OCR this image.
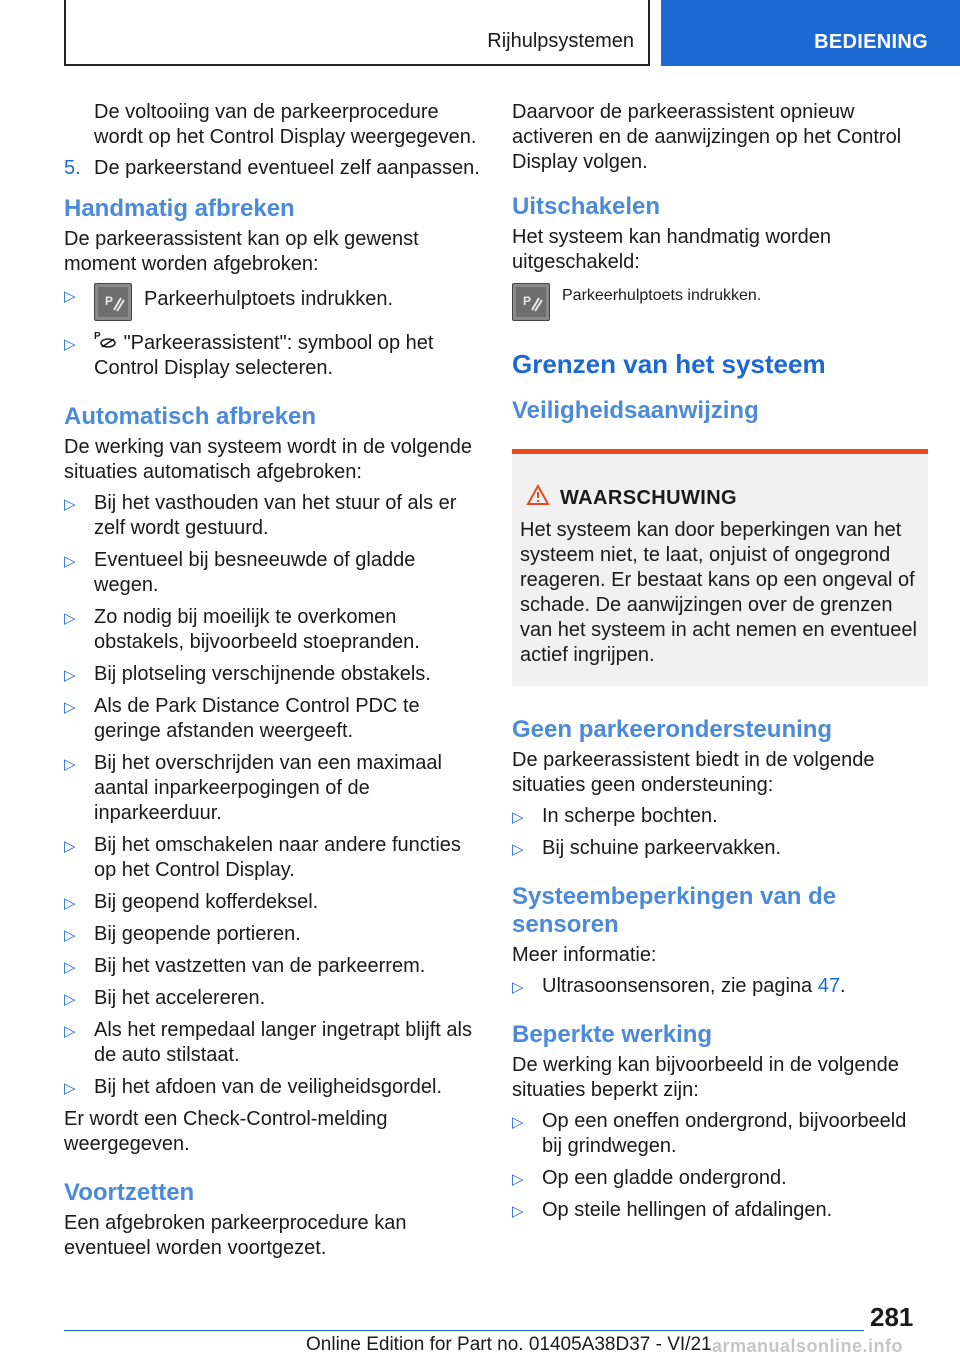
Rijhulpsystemen	BEDIENING

De voltooiing van de parkeerprocedure wordt op het Control Display weergegeven.

5. De parkeerstand eventueel zelf aanpassen.
Handmatig afbreken

De parkeerassistent kan op elk gewenst moment worden afgebroken:

▷ P Parkeerhulptoets indrukken.
▷ P "Parkeerassistent": symbool op het Control Display selecteren.
Automatisch afbreken

De werking van systeem wordt in de volgende situaties automatisch afgebroken:

▷ Bij het vasthouden van het stuur of als er zelf wordt gestuurd.
▷ Eventueel bij besneeuwde of gladde wegen.
▷ Zo nodig bij moeilijk te overkomen obstakels, bijvoorbeeld stoepranden.
▷ Bij plotseling verschijnende obstakels.
▷ Als de Park Distance Control PDC te geringe afstanden weergeeft.
▷ Bij het overschrijden van een maximaal aantal inparkeerpogingen of de inparkeerduur.
▷ Bij het omschakelen naar andere functies op het Control Display.
▷ Bij geopend kofferdeksel.
▷ Bij geopende portieren.
▷ Bij het vastzetten van de parkeerrem.
▷ Bij het accelereren.
▷ Als het rempedaal langer ingetrapt blijft als de auto stilstaat.
▷ Bij het afdoen van de veiligheidsgordel.

Er wordt een Check-Control-melding weergegeven.

Voortzetten

Een afgebroken parkeerprocedure kan eventueel worden voortgezet.

Daarvoor de parkeerassistent opnieuw activeren en de aanwijzingen op het Control Display volgen.

Uitschakelen

Het systeem kan handmatig worden uitgeschakeld:

P Parkeerhulptoets indrukken.
Grenzen van het systeem
Veiligheidsaanwijzing
WAARSCHUWING

Het systeem kan door beperkingen van het systeem niet, te laat, onjuist of ongegrond reageren. Er bestaat kans op een ongeval of schade. De aanwijzingen over de grenzen van het systeem in acht nemen en eventueel actief ingrijpen.

Geen parkeerondersteuning

De parkeerassistent biedt in de volgende situaties geen ondersteuning:

▷ In scherpe bochten.
▷ Bij schuine parkeervakken.
Systeembeperkingen van de sensoren

Meer informatie:

▷ Ultrasoonsensoren, zie pagina 47.
Beperkte werking

De werking kan bijvoorbeeld in de volgende situaties beperkt zijn:

▷ Op een oneffen ondergrond, bijvoorbeeld bij grindwegen.
▷ Op een gladde ondergrond.
▷ Op steile hellingen of afdalingen.
281
Online Edition for Part no. 01405A38D37 - VI/21 armanualsonline.info
